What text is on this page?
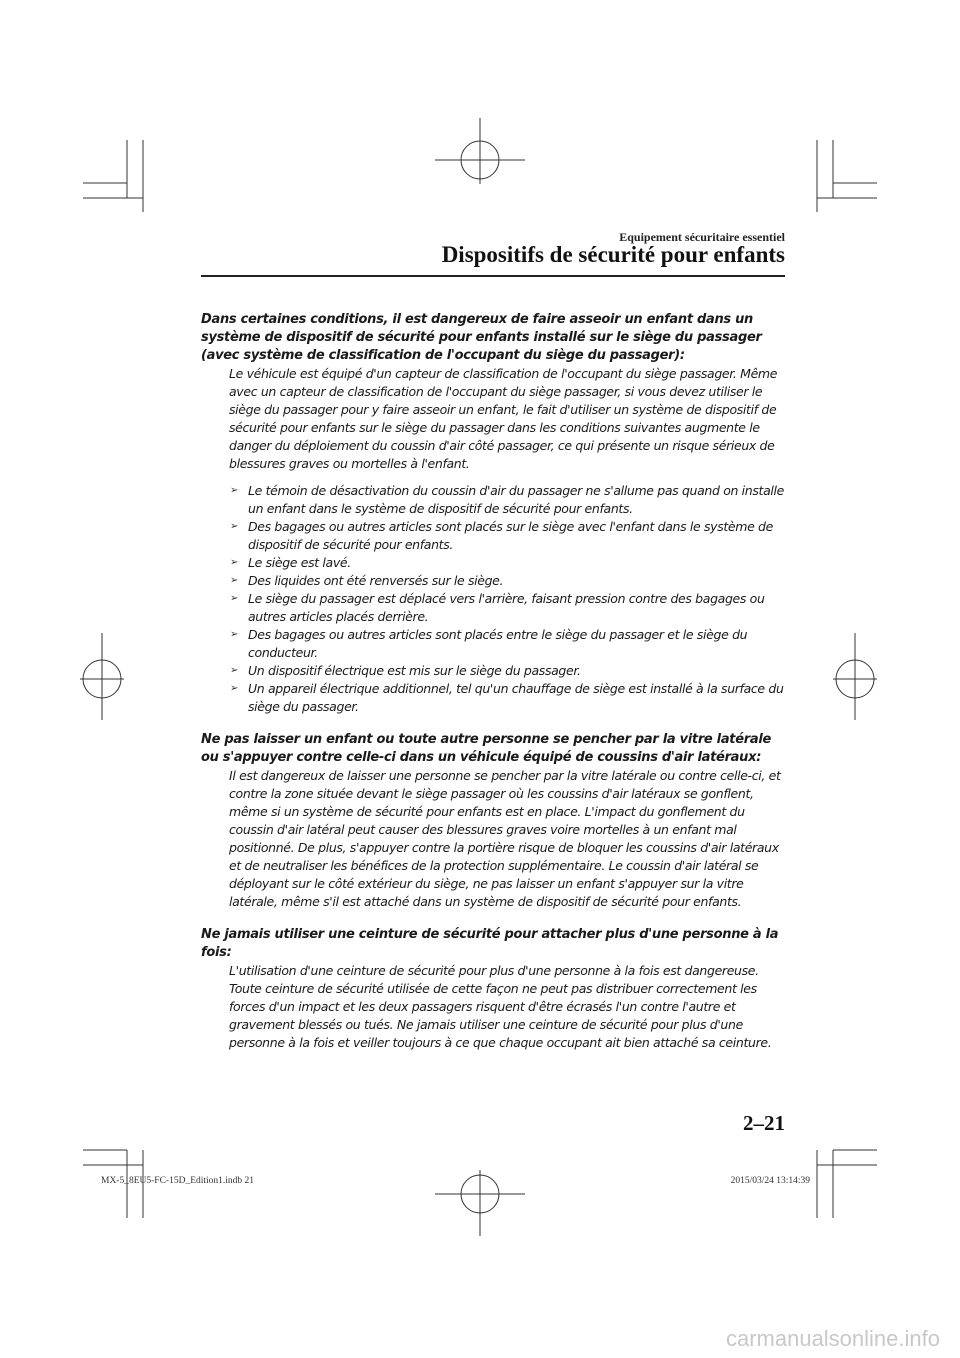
Equipement sécuritaire essentiel
Dispositifs de sécurité pour enfants

Dans certaines conditions, il est dangereux de faire asseoir un enfant dans un système de dispositif de sécurité pour enfants installé sur le siège du passager (avec système de classification de l'occupant du siège du passager):

Le véhicule est équipé d'un capteur de classification de l'occupant du siège passager. Même avec un capteur de classification de l'occupant du siège passager, si vous devez utiliser le siège du passager pour y faire asseoir un enfant, le fait d'utiliser un système de dispositif de sécurité pour enfants sur le siège du passager dans les conditions suivantes augmente le danger du déploiement du coussin d'air côté passager, ce qui présente un risque sérieux de blessures graves ou mortelles à l'enfant.

➢ Le témoin de désactivation du coussin d'air du passager ne s'allume pas quand on installe un enfant dans le système de dispositif de sécurité pour enfants.
➢ Des bagages ou autres articles sont placés sur le siège avec l'enfant dans le système de dispositif de sécurité pour enfants.
➢ Le siège est lavé.
➢ Des liquides ont été renversés sur le siège.
➢ Le siège du passager est déplacé vers l'arrière, faisant pression contre des bagages ou autres articles placés derrière.
➢ Des bagages ou autres articles sont placés entre le siège du passager et le siège du conducteur.
➢ Un dispositif électrique est mis sur le siège du passager.
➢ Un appareil électrique additionnel, tel qu'un chauffage de siège est installé à la surface du siège du passager.

Ne pas laisser un enfant ou toute autre personne se pencher par la vitre latérale ou s'appuyer contre celle-ci dans un véhicule équipé de coussins d'air latéraux:

Il est dangereux de laisser une personne se pencher par la vitre latérale ou contre celle-ci, et contre la zone située devant le siège passager où les coussins d'air latéraux se gonflent, même si un système de sécurité pour enfants est en place. L'impact du gonflement du coussin d'air latéral peut causer des blessures graves voire mortelles à un enfant mal positionné. De plus, s'appuyer contre la portière risque de bloquer les coussins d'air latéraux et de neutraliser les bénéfices de la protection supplémentaire. Le coussin d'air latéral se déployant sur le côté extérieur du siège, ne pas laisser un enfant s'appuyer sur la vitre latérale, même s'il est attaché dans un système de dispositif de sécurité pour enfants.

Ne jamais utiliser une ceinture de sécurité pour attacher plus d'une personne à la fois:

L'utilisation d'une ceinture de sécurité pour plus d'une personne à la fois est dangereuse. Toute ceinture de sécurité utilisée de cette façon ne peut pas distribuer correctement les forces d'un impact et les deux passagers risquent d'être écrasés l'un contre l'autre et gravement blessés ou tués. Ne jamais utiliser une ceinture de sécurité pour plus d'une personne à la fois et veiller toujours à ce que chaque occupant ait bien attaché sa ceinture.

2–21
MX-5_8EU5-FC-15D_Edition1.indb 21	2015/03/24 13:14:39
carmanualsonline.info
